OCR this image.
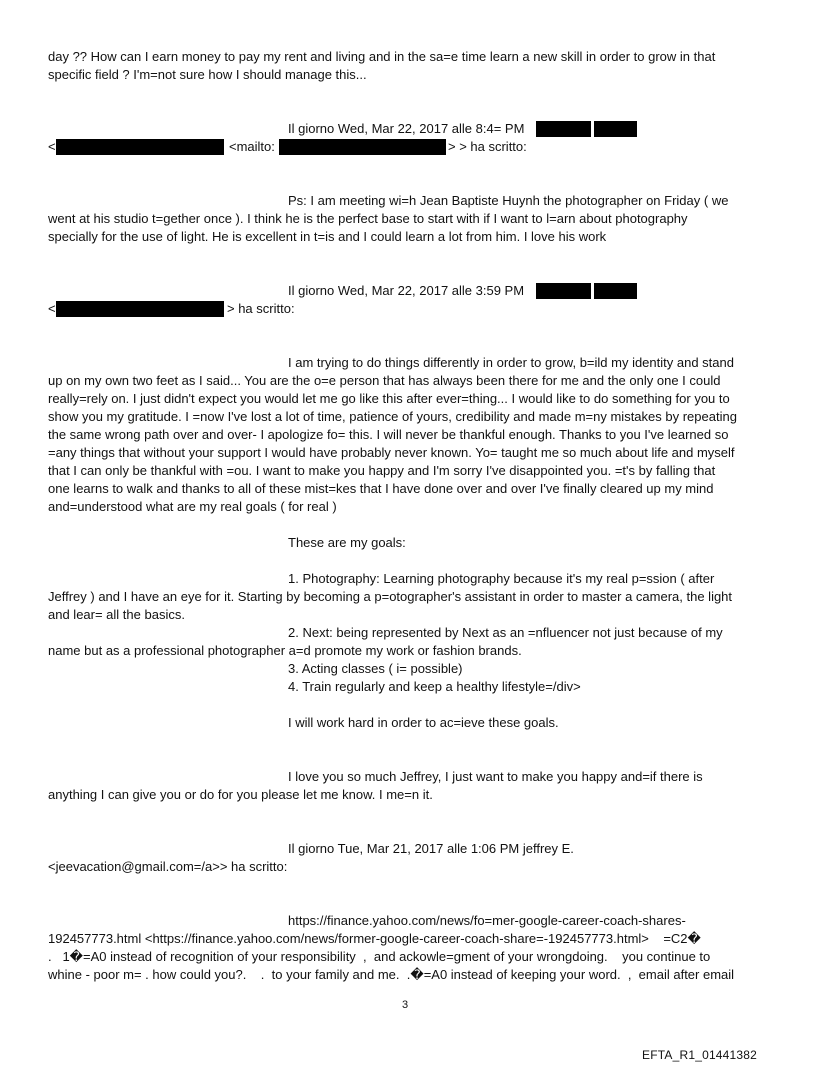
day ?? How can I earn money to pay my rent and living and in the sa=e time learn a new skill in order to grow in that
specific field ? I'm=not sure how I should manage this...
Il giorno Wed, Mar 22, 2017 alle 8:4= PM
<	<mailto:	> > ha scritto:
Ps: I am meeting wi=h Jean Baptiste Huynh the photographer on Friday ( we
went at his studio t=gether once ). I think he is the perfect base to start with if I want to l=arn about photography
specially for the use of light. He is excellent in t=is and I could learn a lot from him. I love his work
Il giorno Wed, Mar 22, 2017 alle 3:59 PM
<	> ha scritto:
I am trying to do things differently in order to grow, b=ild my identity and stand
up on my own two feet as I said... You are the o=e person that has always been there for me and the only one I could
really=rely on. I just didn't expect you would let me go like this after ever=thing... I would like to do something for you to
show you my gratitude. I =now I've lost a lot of time, patience of yours, credibility and made m=ny mistakes by repeating
the same wrong path over and over- I apologize fo= this. I will never be thankful enough. Thanks to you I've learned so
=any things that without your support I would have probably never known. Yo= taught me so much about life and myself
that I can only be thankful with =ou. I want to make you happy and I'm sorry I've disappointed you. =t's by falling that
one learns to walk and thanks to all of these mist=kes that I have done over and over I've finally cleared up my mind
and=understood what are my real goals ( for real )
These are my goals:
1. Photography: Learning photography because it's my real p=ssion ( after
Jeffrey ) and I have an eye for it. Starting by becoming a p=otographer's assistant in order to master a camera, the light
and lear= all the basics.
2. Next: being represented by Next as an =nfluencer not just because of my
name but as a professional photographer a=d promote my work or fashion brands.
3. Acting classes ( i= possible)
4. Train regularly and keep a healthy lifestyle=/div>
I will work hard in order to ac=ieve these goals.
I love you so much Jeffrey, I just want to make you happy and=if there is
anything I can give you or do for you please let me know. I me=n it.
Il giorno Tue, Mar 21, 2017 alle 1:06 PM jeffrey E.
<jeevacation@gmail.com=/a>> ha scritto:
https://finance.yahoo.com/news/fo=mer-google-career-coach-shares-
192457773.html <https://finance.yahoo.com/news/former-google-career-coach-share=-192457773.html>    =C2�
.   1�=A0 instead of recognition of your responsibility  ,  and ackowle=gment of your wrongdoing.    you continue to
whine - poor m= . how could you?.    .  to your family and me.  .�=A0 instead of keeping your word.  ,  email after email
3
EFTA_R1_01441382
